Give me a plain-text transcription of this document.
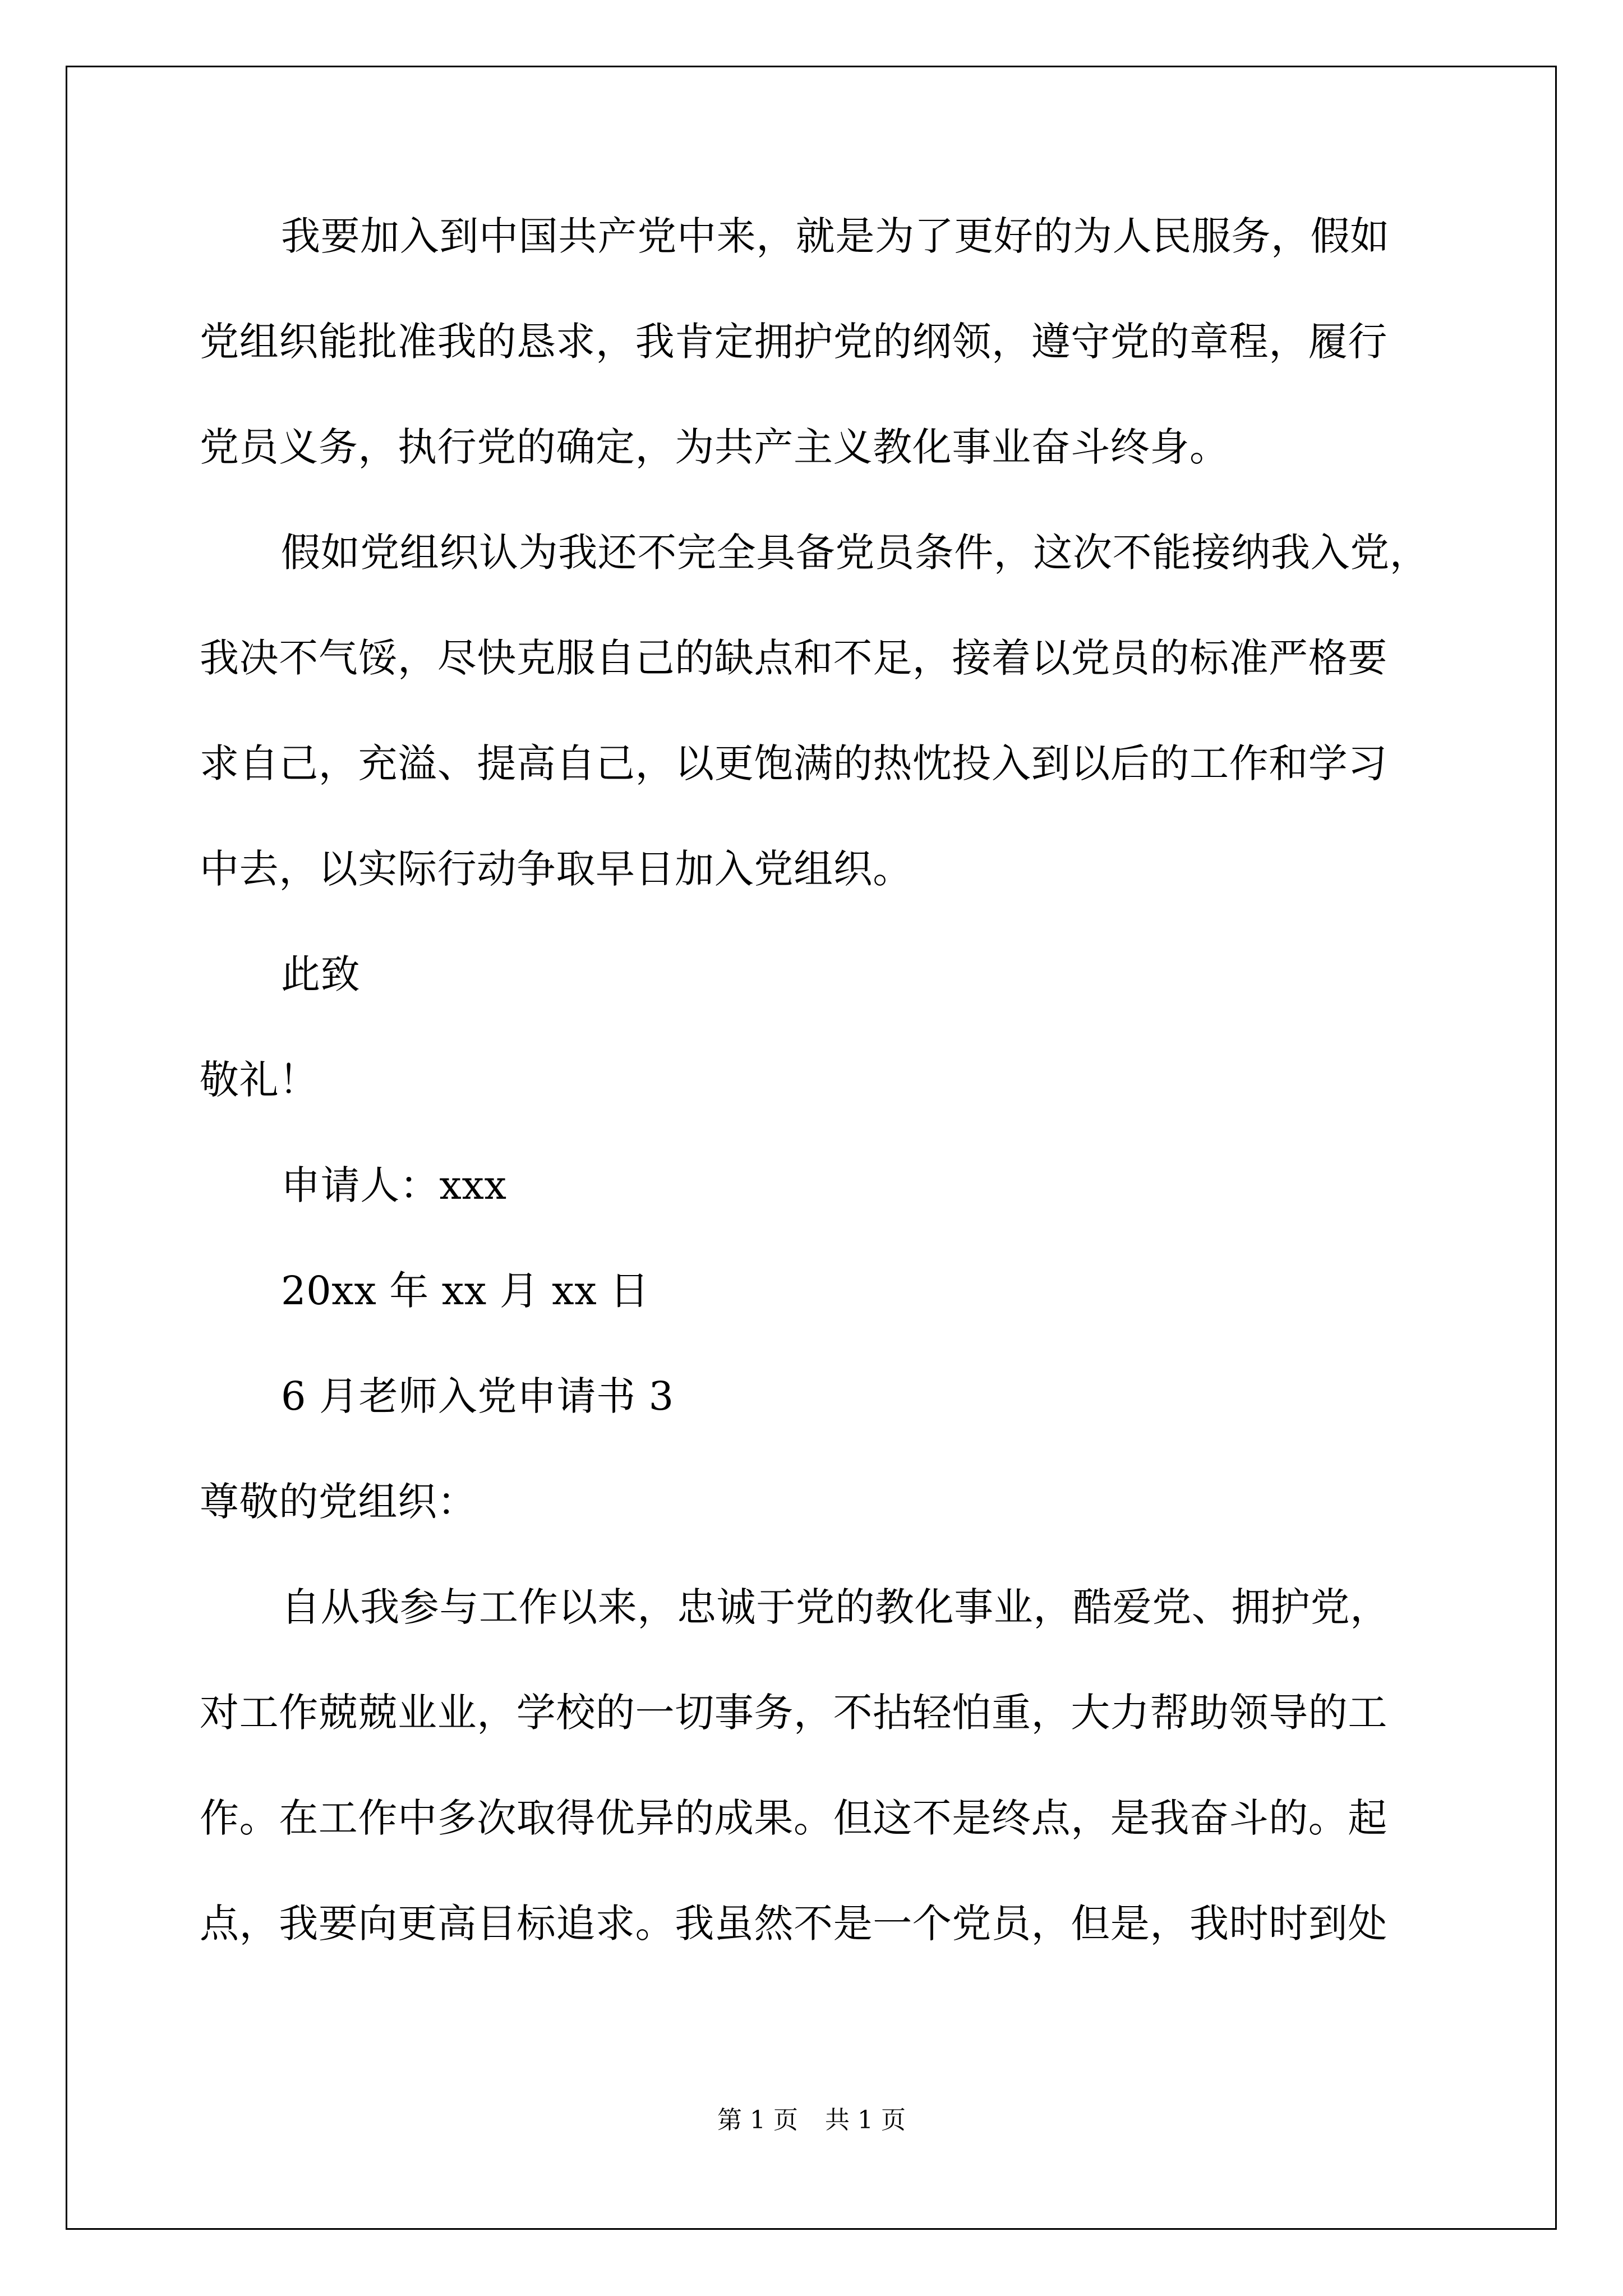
我要加入到中国共产党中来，就是为了更好的为人民服务，假如
党组织能批准我的恳求，我肯定拥护党的纲领，遵守党的章程，履行
党员义务，执行党的确定，为共产主义教化事业奋斗终身。
假如党组织认为我还不完全具备党员条件，这次不能接纳我入党，
我决不气馁，尽快克服自己的缺点和不足，接着以党员的标准严格要
求自己，充溢、提高自己，以更饱满的热忱投入到以后的工作和学习
中去，以实际行动争取早日加入党组织。
此致
敬礼！
申请人：xxx
20xx 年 xx 月 xx 日
6 月老师入党申请书 3
尊敬的党组织：
自从我参与工作以来，忠诚于党的教化事业，酷爱党、拥护党，
对工作兢兢业业，学校的一切事务，不拈轻怕重，大力帮助领导的工
作。在工作中多次取得优异的成果。但这不是终点，是我奋斗的。起
点，我要向更高目标追求。我虽然不是一个党员，但是，我时时到处
第 1 页 共 1 页
